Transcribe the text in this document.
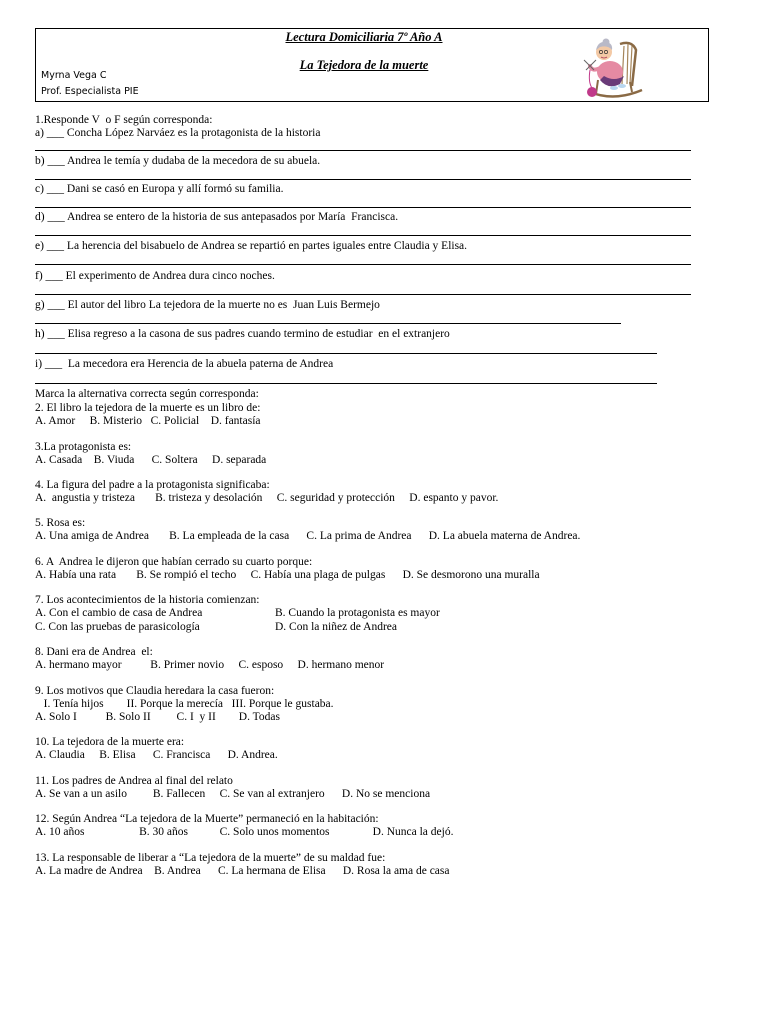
Lectura Domiciliaria 7º Año A
La Tejedora de la muerte
Myrna Vega C
Prof. Especialista PIE
1.Responde V  o F según corresponda:
a) ___ Concha López Narváez es la protagonista de la historia
b) ___ Andrea le temía y dudaba de la mecedora de su abuela.
c) ___ Dani se casó en Europa y allí formó su familia.
d) ___ Andrea se entero de la historia de sus antepasados por María  Francisca.
e) ___ La herencia del bisabuelo de Andrea se repartió en partes iguales entre Claudia y Elisa.
f) ___ El experimento de Andrea dura cinco noches.
g) ___ El autor del libro La tejedora de la muerte no es  Juan Luis Bermejo
h) ___ Elisa regreso a la casona de sus padres cuando termino de estudiar  en el extranjero
i) ___  La mecedora era Herencia de la abuela paterna de Andrea
Marca la alternativa correcta según corresponda:
2. El libro la tejedora de la muerte es un libro de:
A. Amor     B. Misterio   C. Policial    D. fantasía
3.La protagonista es:
A. Casada    B. Viuda      C. Soltera     D. separada
4. La figura del padre a la protagonista significaba:
A.  angustia y tristeza       B. tristeza y desolación     C. seguridad y protección     D. espanto y pavor.
5. Rosa es:
A. Una amiga de Andrea       B. La empleada de la casa      C. La prima de Andrea      D. La abuela materna de Andrea.
6. A  Andrea le dijeron que habían cerrado su cuarto porque:
A. Había una rata       B. Se rompió el techo     C. Había una plaga de pulgas      D. Se desmorono una muralla
7. Los acontecimientos de la historia comienzan:
A. Con el cambio de casa de Andrea	B. Cuando la protagonista es mayor
C. Con las pruebas de parasicología	D. Con la niñez de Andrea
8. Dani era de Andrea  el:
A. hermano mayor          B. Primer novio     C. esposo     D. hermano menor
9. Los motivos que Claudia heredara la casa fueron:
I. Tenía hijos        II. Porque la merecía   III. Porque le gustaba.
A. Solo I          B. Solo II         C. I  y II        D. Todas
10. La tejedora de la muerte era:
A. Claudia     B. Elisa      C. Francisca      D. Andrea.
11. Los padres de Andrea al final del relato
A. Se van a un asilo         B. Fallecen     C. Se van al extranjero      D. No se menciona
12. Según Andrea “La tejedora de la Muerte” permaneció en la habitación:
A. 10 años                   B. 30 años           C. Solo unos momentos               D. Nunca la dejó.
13. La responsable de liberar a “La tejedora de la muerte” de su maldad fue:
A. La madre de Andrea    B. Andrea      C. La hermana de Elisa      D. Rosa la ama de casa
